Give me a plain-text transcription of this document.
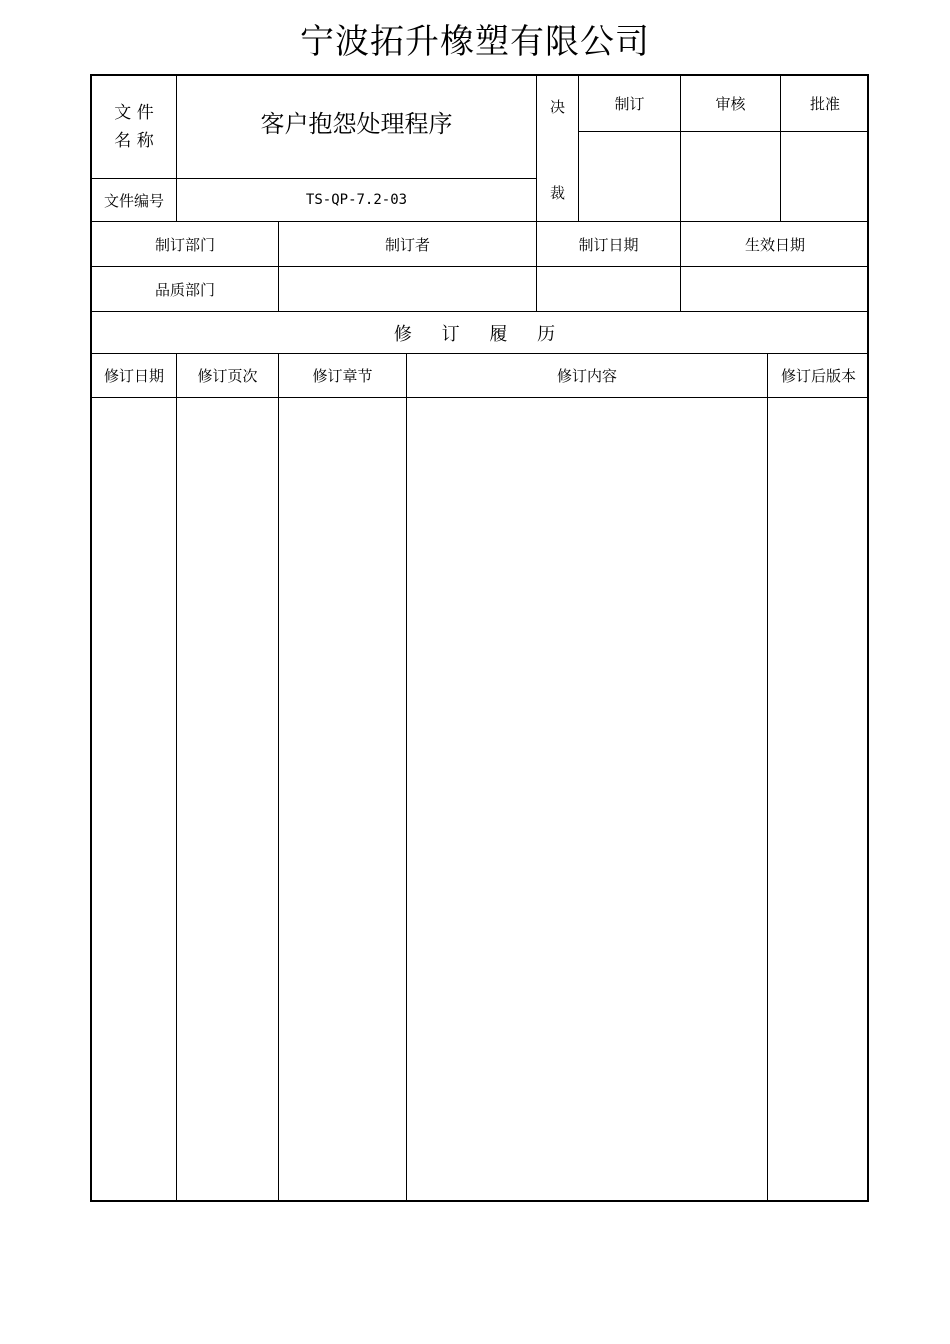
宁波拓升橡塑有限公司
文 件
名 称
客户抱怨处理程序
文件编号	TS-QP-7.2-03
决
裁
制订	审核	批准
制订部门	制订者	制订日期	生效日期
品质部门
修 订 履 历
修订日期	修订页次	修订章节	修订内容	修订后版本
